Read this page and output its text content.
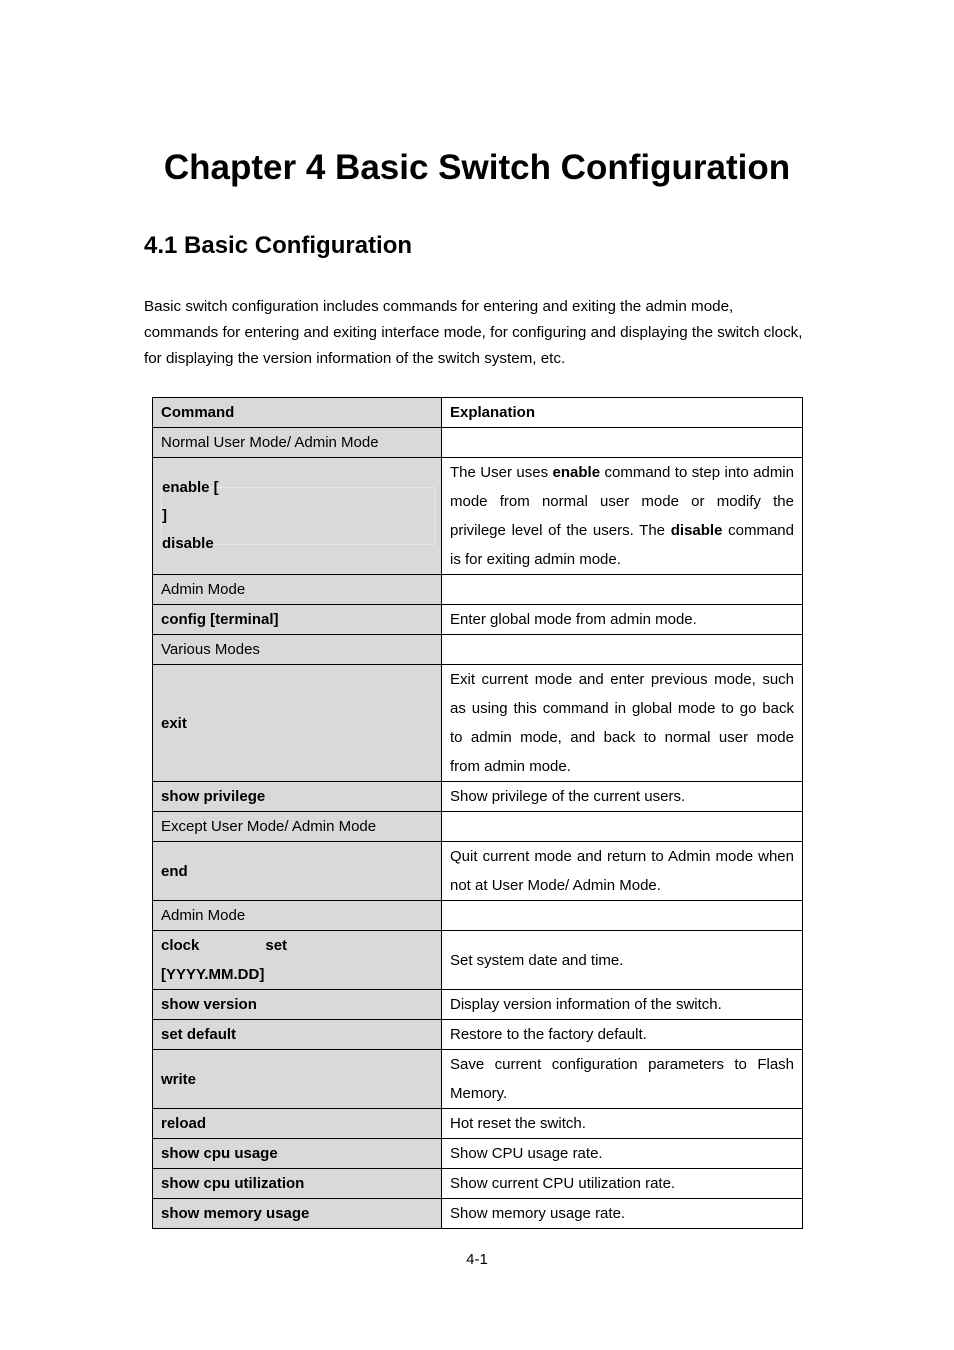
Chapter 4 Basic Switch Configuration
4.1 Basic Configuration

Basic switch configuration includes commands for entering and exiting the admin mode, commands for entering and exiting interface mode, for configuring and displaying the switch clock, for displaying the version information of the switch system, etc.

Command	Explanation
Normal User Mode/ Admin Mode	

enable [
]
disable	The User uses enable command to step into admin mode from normal user mode or modify the privilege level of the users. The disable command is for exiting admin mode.
Admin Mode	
config [terminal]	Enter global mode from admin mode.
Various Modes	
exit	Exit current mode and enter previous mode, such as using this command in global mode to go back to admin mode, and back to normal user mode from admin mode.
show privilege	Show privilege of the current users.
Except User Mode/ Admin Mode	
end	Quit current mode and return to Admin mode when not at User Mode/ Admin Mode.
Admin Mode	

clock set
[YYYY.MM.DD]	Set system date and time.
show version	Display version information of the switch.
set default	Restore to the factory default.
write	Save current configuration parameters to Flash Memory.
reload	Hot reset the switch.
show cpu usage	Show CPU usage rate.
show cpu utilization	Show current CPU utilization rate.
show memory usage	Show memory usage rate.
4-1
